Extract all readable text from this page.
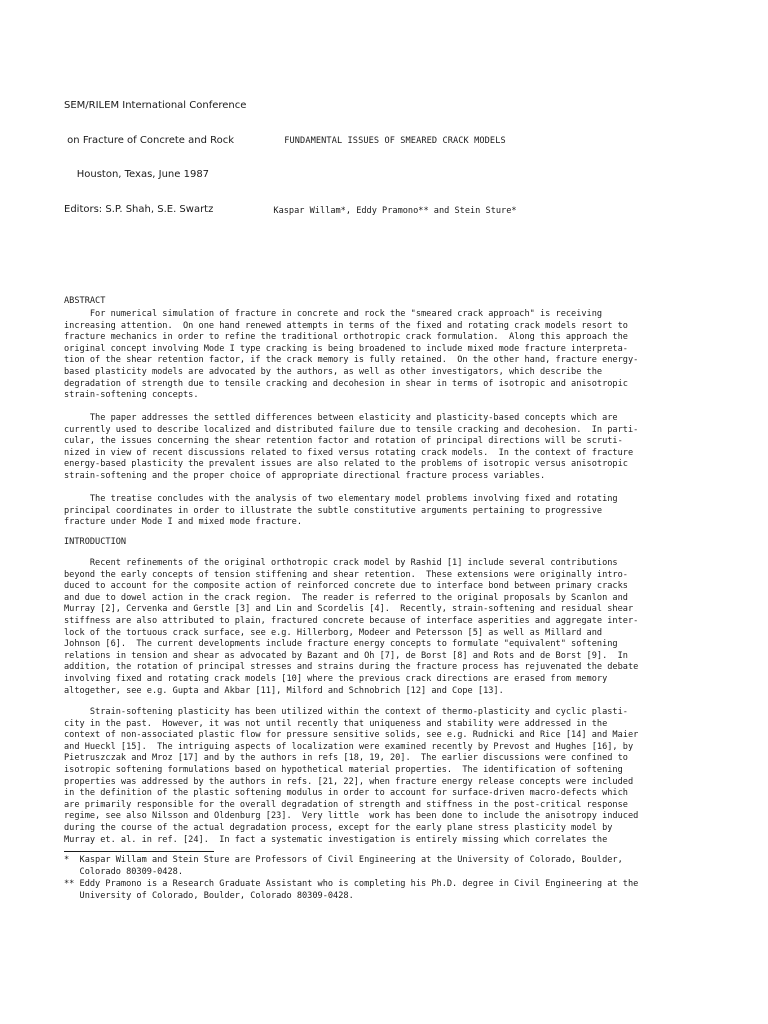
SEM/RILEM International Conference

on Fracture of Concrete and Rock

Houston, Texas, June 1987

Editors: S.P. Shah, S.E. Swartz

FUNDAMENTAL ISSUES OF SMEARED CRACK MODELS
Kaspar Willam*, Eddy Pramono** and Stein Sture*
ABSTRACT
For numerical simulation of fracture in concrete and rock the "smeared crack approach" is receiving
increasing attention.  On one hand renewed attempts in terms of the fixed and rotating crack models resort to
fracture mechanics in order to refine the traditional orthotropic crack formulation.  Along this approach the
original concept involving Mode I type cracking is being broadened to include mixed mode fracture interpreta-
tion of the shear retention factor, if the crack memory is fully retained.  On the other hand, fracture energy-
based plasticity models are advocated by the authors, as well as other investigators, which describe the
degradation of strength due to tensile cracking and decohesion in shear in terms of isotropic and anisotropic
strain-softening concepts.
The paper addresses the settled differences between elasticity and plasticity-based concepts which are
currently used to describe localized and distributed failure due to tensile cracking and decohesion.  In parti-
cular, the issues concerning the shear retention factor and rotation of principal directions will be scruti-
nized in view of recent discussions related to fixed versus rotating crack models.  In the context of fracture
energy-based plasticity the prevalent issues are also related to the problems of isotropic versus anisotropic
strain-softening and the proper choice of appropriate directional fracture process variables.
The treatise concludes with the analysis of two elementary model problems involving fixed and rotating
principal coordinates in order to illustrate the subtle constitutive arguments pertaining to progressive
fracture under Mode I and mixed mode fracture.
INTRODUCTION
Recent refinements of the original orthotropic crack model by Rashid [1] include several contributions
beyond the early concepts of tension stiffening and shear retention.  These extensions were originally intro-
duced to account for the composite action of reinforced concrete due to interface bond between primary cracks
and due to dowel action in the crack region.  The reader is referred to the original proposals by Scanlon and
Murray [2], Cervenka and Gerstle [3] and Lin and Scordelis [4].  Recently, strain-softening and residual shear
stiffness are also attributed to plain, fractured concrete because of interface asperities and aggregate inter-
lock of the tortuous crack surface, see e.g. Hillerborg, Modeer and Petersson [5] as well as Millard and
Johnson [6].  The current developments include fracture energy concepts to formulate "equivalent" softening
relations in tension and shear as advocated by Bazant and Oh [7], de Borst [8] and Rots and de Borst [9].  In
addition, the rotation of principal stresses and strains during the fracture process has rejuvenated the debate
involving fixed and rotating crack models [10] where the previous crack directions are erased from memory
altogether, see e.g. Gupta and Akbar [11], Milford and Schnobrich [12] and Cope [13].
Strain-softening plasticity has been utilized within the context of thermo-plasticity and cyclic plasti-
city in the past.  However, it was not until recently that uniqueness and stability were addressed in the
context of non-associated plastic flow for pressure sensitive solids, see e.g. Rudnicki and Rice [14] and Maier
and Hueckl [15].  The intriguing aspects of localization were examined recently by Prevost and Hughes [16], by
Pietruszczak and Mroz [17] and by the authors in refs [18, 19, 20].  The earlier discussions were confined to
isotropic softening formulations based on hypothetical material properties.  The identification of softening
properties was addressed by the authors in refs. [21, 22], when fracture energy release concepts were included
in the definition of the plastic softening modulus in order to account for surface-driven macro-defects which
are primarily responsible for the overall degradation of strength and stiffness in the post-critical response
regime, see also Nilsson and Oldenburg [23].  Very little  work has been done to include the anisotropy induced
during the course of the actual degradation process, except for the early plane stress plasticity model by
Murray et. al. in ref. [24].  In fact a systematic investigation is entirely missing which correlates the
*  Kaspar Willam and Stein Sture are Professors of Civil Engineering at the University of Colorado, Boulder,
Colorado 80309-0428.
** Eddy Pramono is a Research Graduate Assistant who is completing his Ph.D. degree in Civil Engineering at the
University of Colorado, Boulder, Colorado 80309-0428.
